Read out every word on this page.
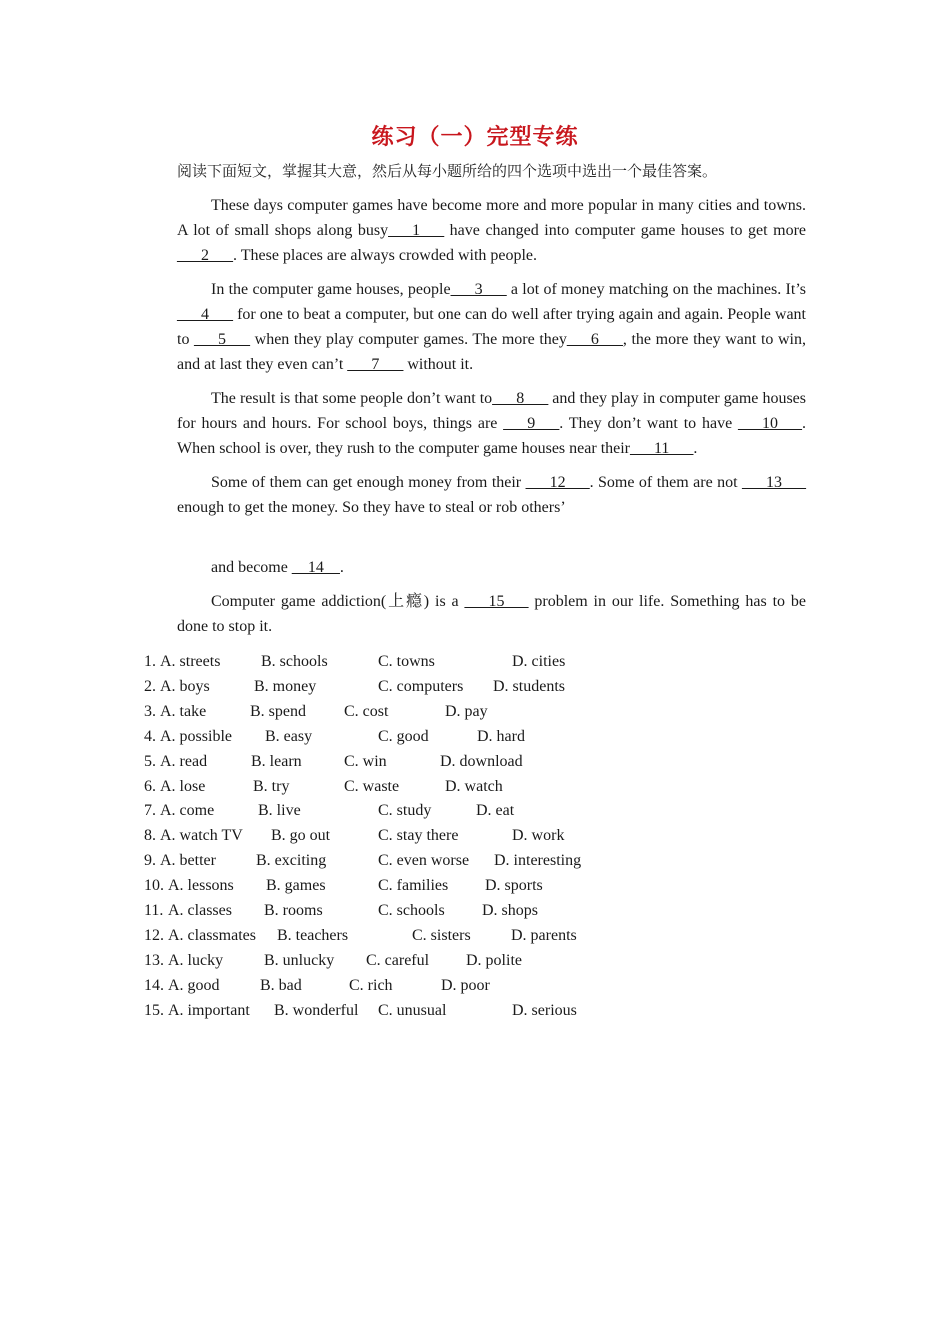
练习（一）完型专练
阅读下面短文，掌握其大意，然后从每小题所给的四个选项中选出一个最佳答案。

These days computer games have become more and more popular in many cities and towns. A lot of small shops along busy___1___ have changed into computer game houses to get more ___2___. These places are always crowded with people.

In the computer game houses, people___3___ a lot of money matching on the machines. It’s ___4___ for one to beat a computer, but one can do well after trying again and again. People want to ___5___ when they play computer games. The more they___6___, the more they want to win, and at last they even can’t ___7___ without it.

The result is that some people don’t want to___8___ and they play in computer game houses for hours and hours. For school boys, things are ___9___. They don’t want to have ___10___. When school is over, they rush to the computer game houses near their___11___.

Some of them can get enough money from their ___12___. Some of them are not ___13___ enough to get the money. So they have to steal or rob others’

and become __14__.

Computer game addiction(上瘾) is a ___15___ problem in our life. Something has to be done to stop it.

1. A. streets	B. schools	C. towns	D. cities
2. A. boys	B. money	C. computers D. students
3. A. take	B. spend C. cost	D. pay
4. A. possible B. easy	C. good	D. hard
5. A. read	B. learn	C. win	D. download
6. A. lose	B. try	C. waste	D. watch
7. A. come	B. live	C. study	D. eat
8. A. watch TV B. go out	C. stay there	D. work
9. A. better	B. exciting	C. even worse D. interesting
10. A. lessons B. games	C. families D. sports
11. A. classes B. rooms	C. schools D. shops
12. A. classmates B. teachers	C. sisters	D. parents
13. A. lucky	B. unlucky C. careful D. polite
14. A. good	B. bad	C. rich	D. poor
15. A. important B. wonderful C. unusual	D. serious
